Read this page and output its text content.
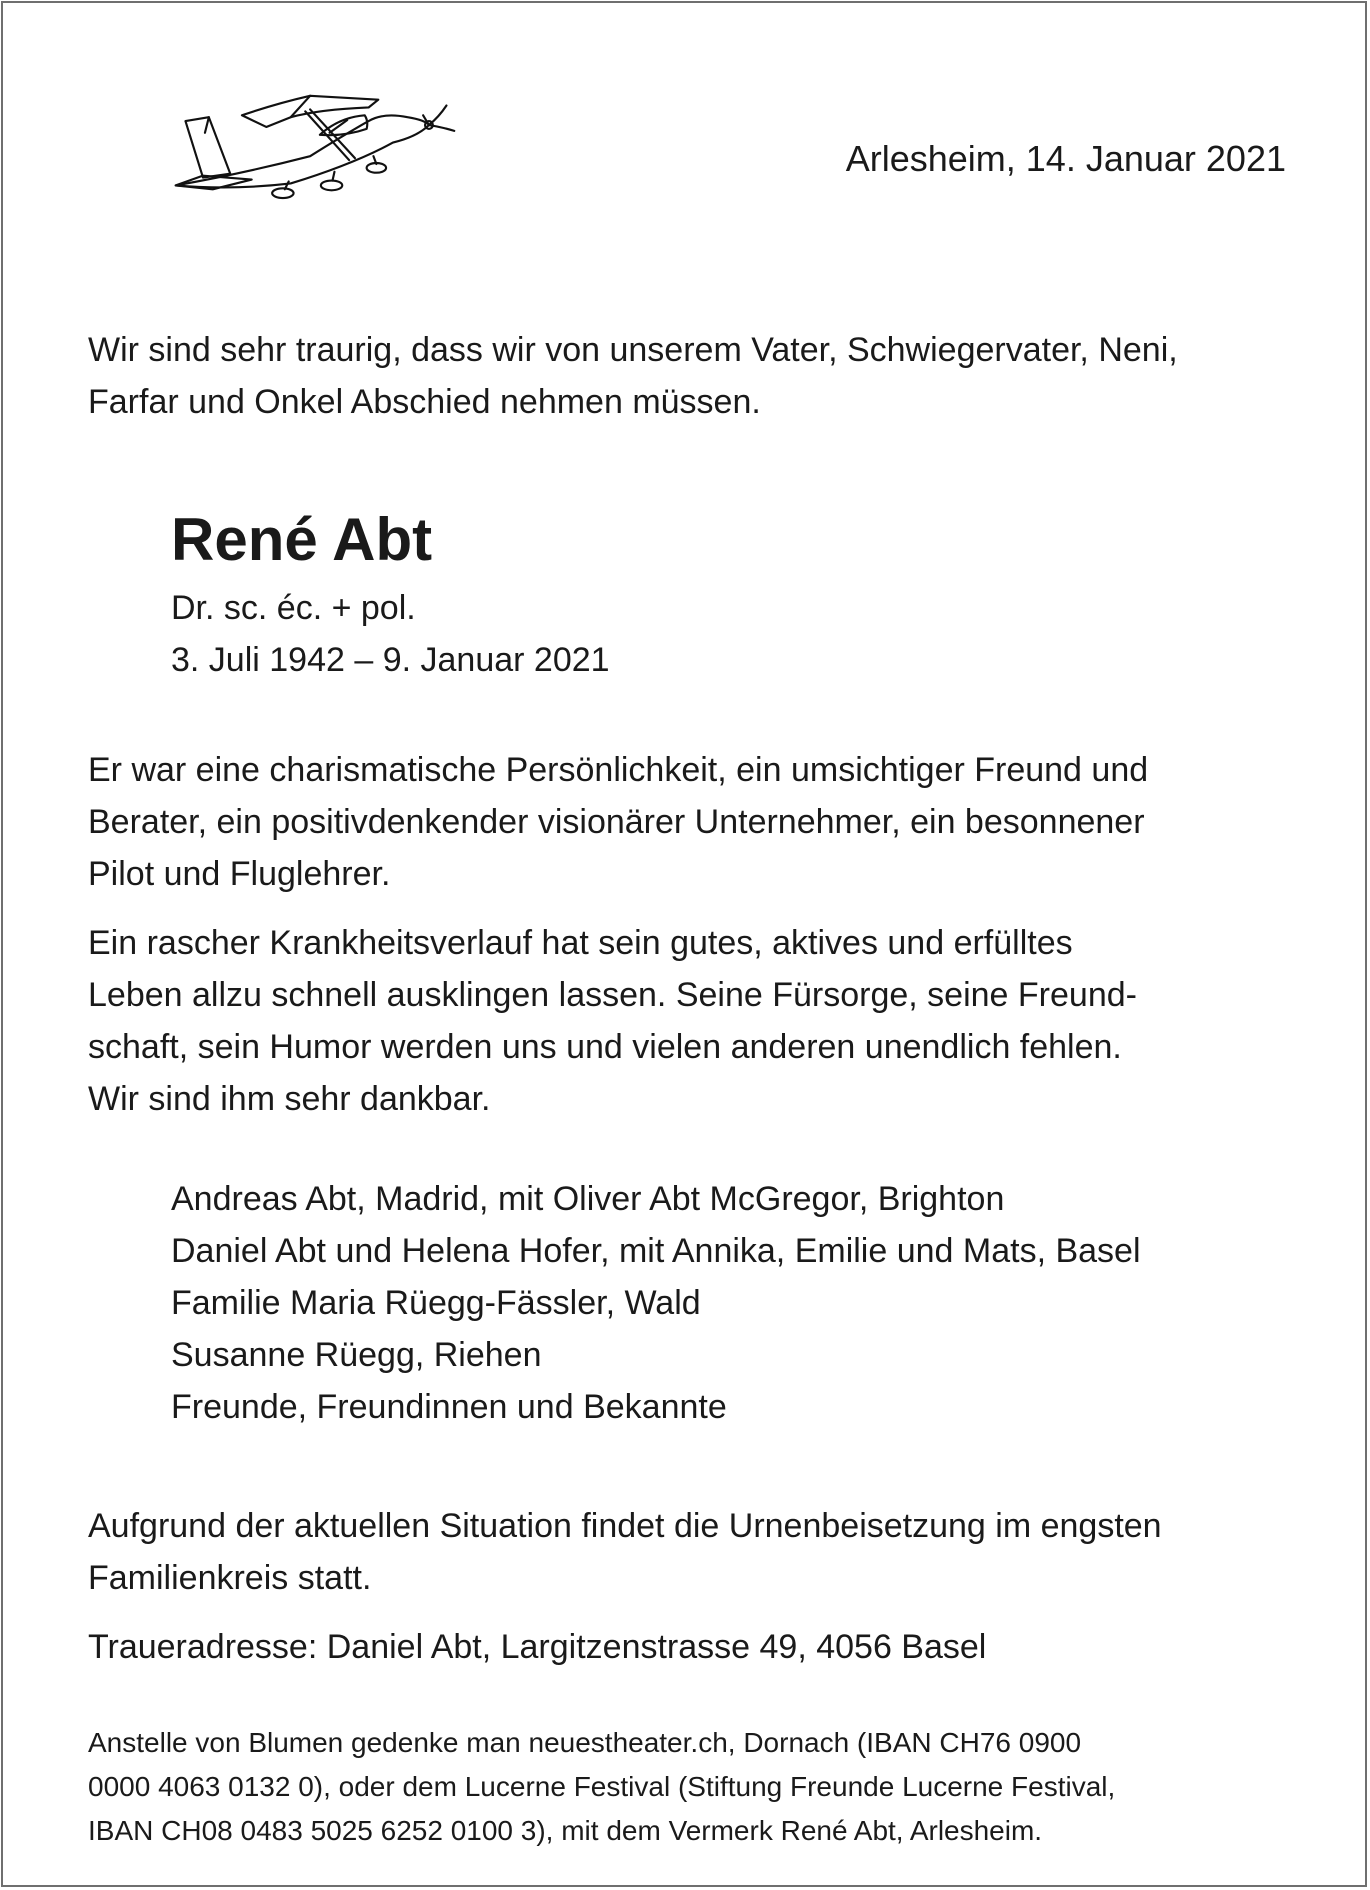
Arlesheim, 14. Januar 2021
Wir sind sehr traurig, dass wir von unserem Vater, Schwiegervater, Neni,
Farfar und Onkel Abschied nehmen müssen.
René Abt
Dr. sc. éc. + pol.
3. Juli 1942 – 9. Januar 2021
Er war eine charismatische Persönlichkeit, ein umsichtiger Freund und
Berater, ein positivdenkender visionärer Unternehmer, ein besonnener
Pilot und Fluglehrer.
Ein rascher Krankheitsverlauf hat sein gutes, aktives und erfülltes
Leben allzu schnell ausklingen lassen. Seine Fürsorge, seine Freund-
schaft, sein Humor werden uns und vielen anderen unendlich fehlen.
Wir sind ihm sehr dankbar.
Andreas Abt, Madrid, mit Oliver Abt McGregor, Brighton
Daniel Abt und Helena Hofer, mit Annika, Emilie und Mats, Basel
Familie Maria Rüegg-Fässler, Wald
Susanne Rüegg, Riehen
Freunde, Freundinnen und Bekannte
Aufgrund der aktuellen Situation findet die Urnenbeisetzung im engsten
Familienkreis statt.
Traueradresse: Daniel Abt, Largitzenstrasse 49, 4056 Basel
Anstelle von Blumen gedenke man neuestheater.ch, Dornach (IBAN CH76 0900
0000 4063 0132 0), oder dem Lucerne Festival (Stiftung Freunde Lucerne Festival,
IBAN CH08 0483 5025 6252 0100 3), mit dem Vermerk René Abt, Arlesheim.
